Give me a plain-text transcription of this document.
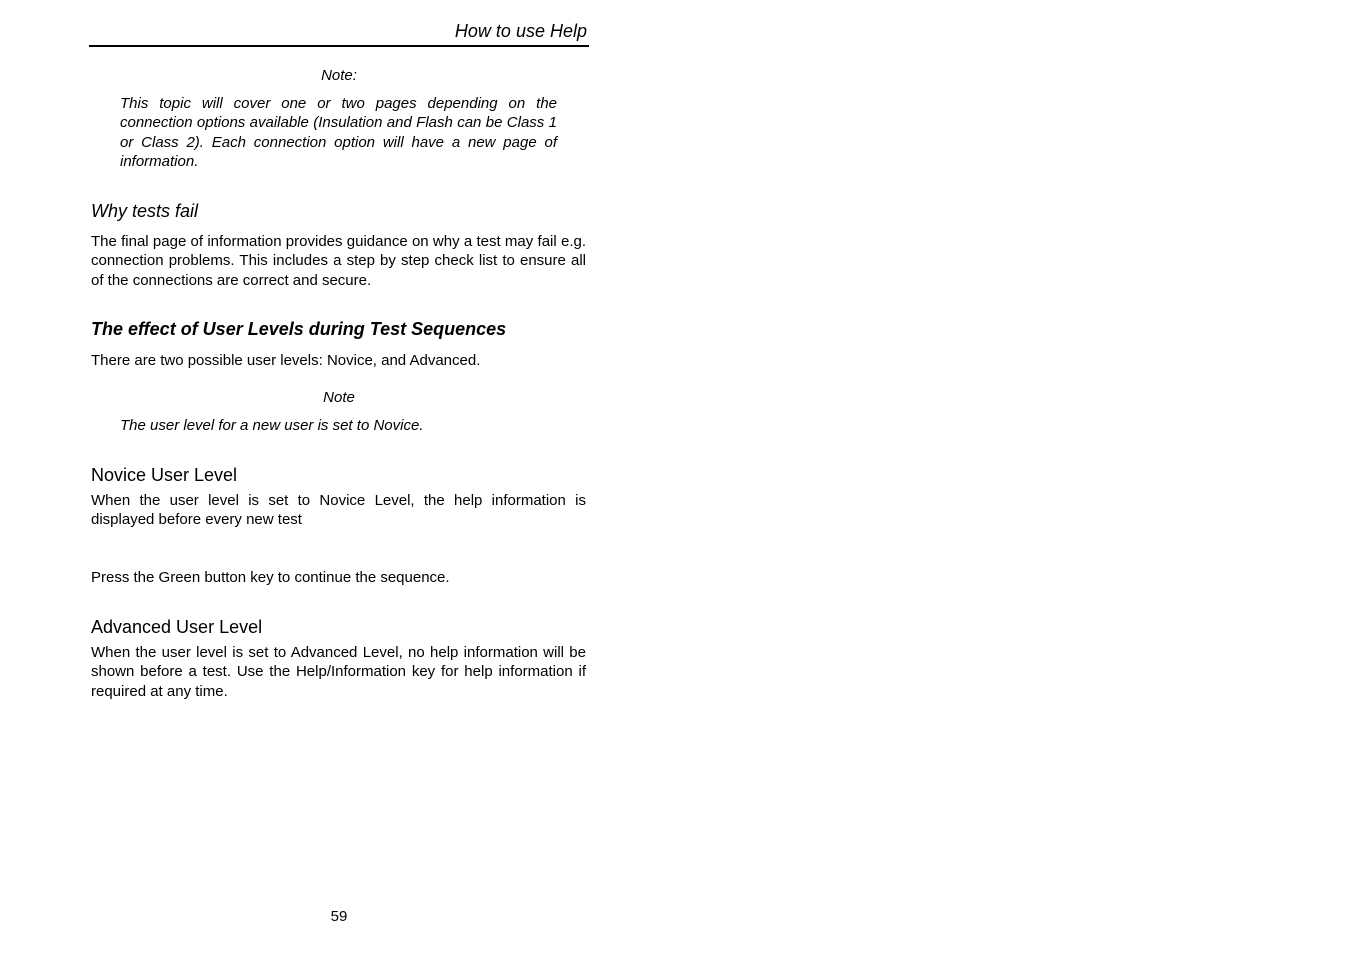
How to use Help
Note:
This topic will cover one or two pages depending on the connection options available (Insulation and Flash can be Class 1 or Class 2). Each connection option will have a new page of information.
Why tests fail
The final page of information provides guidance on why a test may fail e.g. connection problems. This includes a step by step check list to ensure all of the connections are correct and secure.
The effect of User Levels during Test Sequences
There are two possible user levels: Novice, and Advanced.
Note
The user level for a new user is set to Novice.
Novice User Level
When the user level is set to Novice Level, the help information is displayed before every new test
Press the Green button key to continue the sequence.
Advanced User Level
When the user level is set to Advanced Level, no help information will be shown before a test. Use the Help/Information key for help information if required at any time.
59
